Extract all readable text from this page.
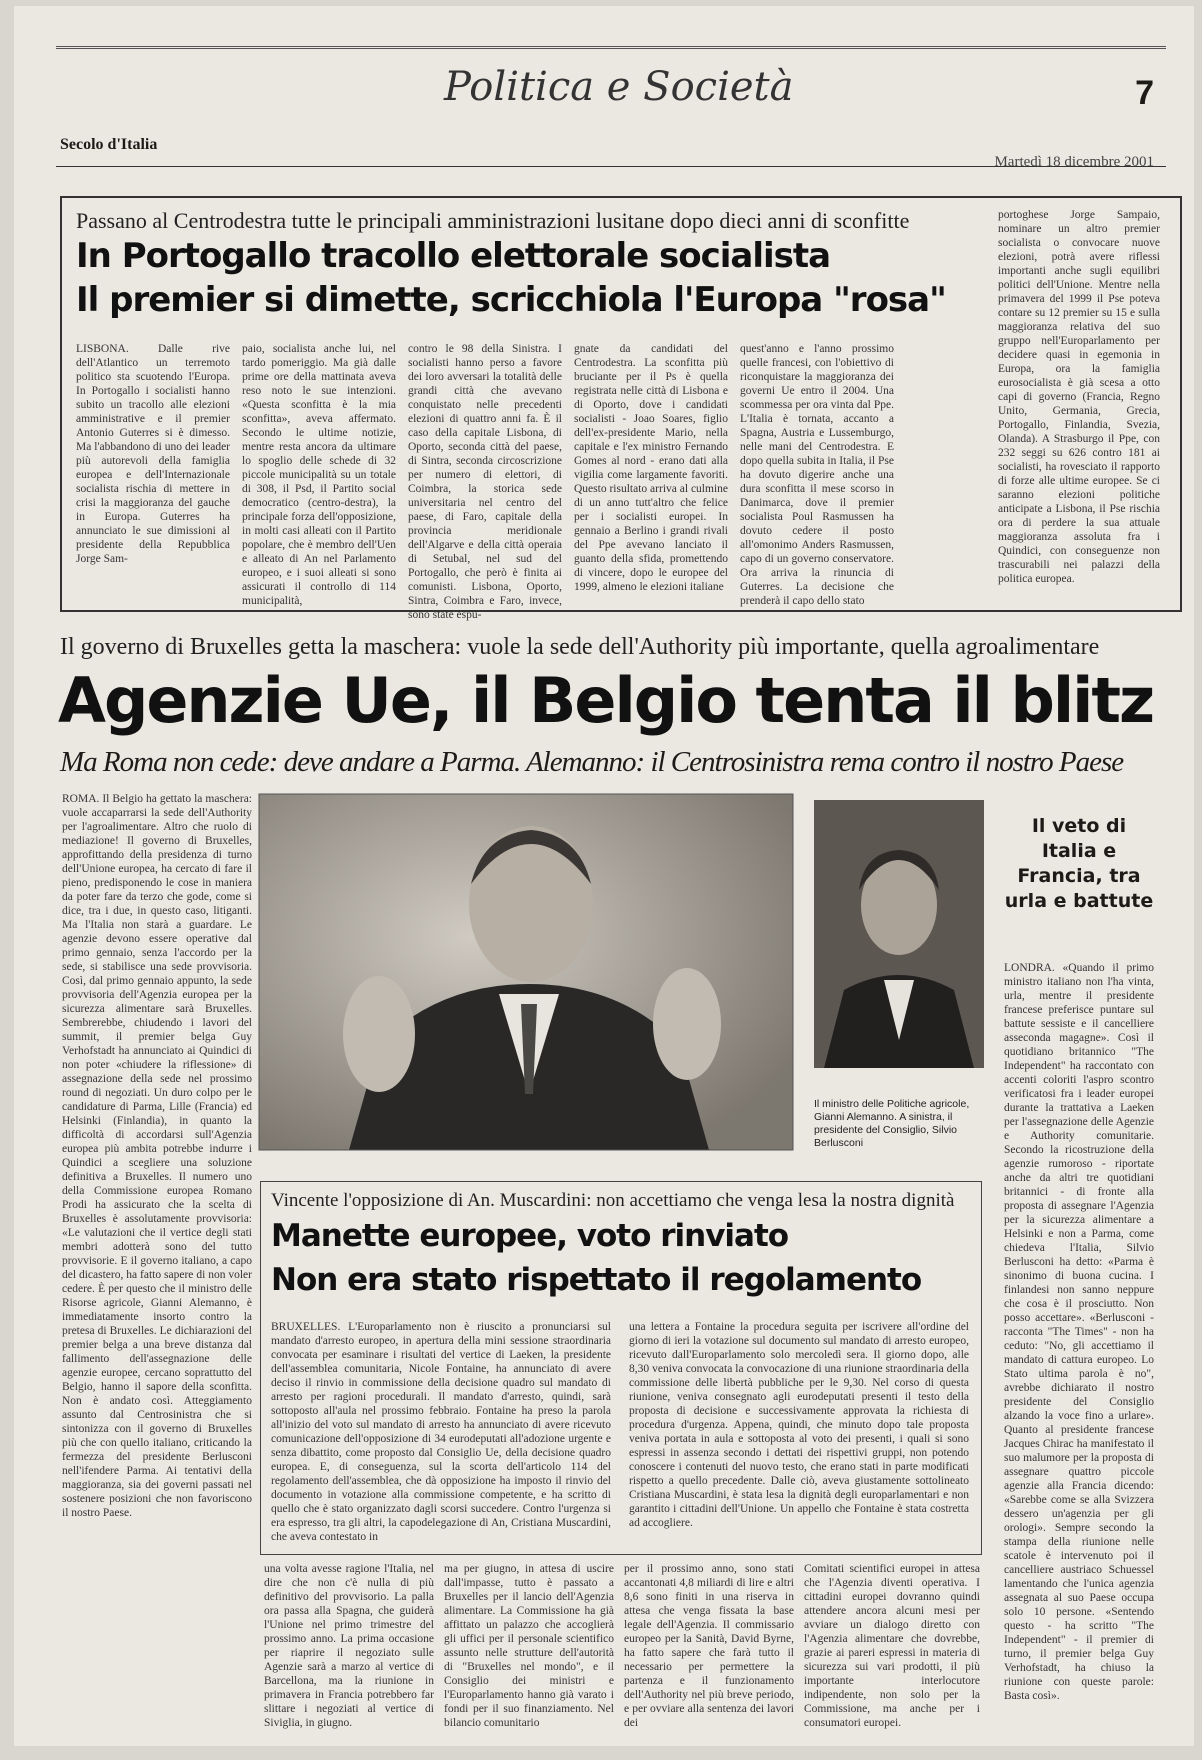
Politica e Società	7
Secolo d'Italia
Martedì 18 dicembre 2001
Passano al Centrodestra tutte le principali amministrazioni lusitane dopo dieci anni di sconfitte
In Portogallo tracollo elettorale socialista
Il premier si dimette, scricchiola l'Europa "rosa"
LISBONA. Dalle rive dell'Atlantico un terremoto politico sta scuotendo l'Europa. In Portogallo i socialisti hanno subito un tracollo alle elezioni amministrative e il premier Antonio Guterres si è dimesso. Ma l'abbandono di uno dei leader più autorevoli della famiglia europea e dell'Internazionale socialista rischia di mettere in crisi la maggioranza del gauche in Europa. Guterres ha annunciato le sue dimissioni al presidente della Repubblica Jorge Sam-
paio, socialista anche lui, nel tardo pomeriggio. Ma già dalle prime ore della mattinata aveva reso noto le sue intenzioni. «Questa sconfitta è la mia sconfitta», aveva affermato. Secondo le ultime notizie, mentre resta ancora da ultimare lo spoglio delle schede di 32 piccole municipalità su un totale di 308, il Psd, il Partito social democratico (centro-destra), la principale forza dell'opposizione, in molti casi alleati con il Partito popolare, che è membro dell'Uen e alleato di An nel Parlamento europeo, e i suoi alleati si sono assicurati il controllo di 114 municipalità,
contro le 98 della Sinistra. I socialisti hanno perso a favore dei loro avversari la totalità delle grandi città che avevano conquistato nelle precedenti elezioni di quattro anni fa. È il caso della capitale Lisbona, di Oporto, seconda città del paese, di Sintra, seconda circoscrizione per numero di elettori, di Coimbra, la storica sede universitaria nel centro del paese, di Faro, capitale della provincia meridionale dell'Algarve e della città operaia di Setubal, nel sud del Portogallo, che però è finita ai comunisti. Lisbona, Oporto, Sintra, Coimbra e Faro, invece, sono state espu-
gnate da candidati del Centrodestra. La sconfitta più bruciante per il Ps è quella registrata nelle città di Lisbona e di Oporto, dove i candidati socialisti - Joao Soares, figlio dell'ex-presidente Mario, nella capitale e l'ex ministro Fernando Gomes al nord - erano dati alla vigilia come largamente favoriti. Questo risultato arriva al culmine di un anno tutt'altro che felice per i socialisti europei. In gennaio a Berlino i grandi rivali del Ppe avevano lanciato il guanto della sfida, promettendo di vincere, dopo le europee del 1999, almeno le elezioni italiane
quest'anno e l'anno prossimo quelle francesi, con l'obiettivo di riconquistare la maggioranza dei governi Ue entro il 2004. Una scommessa per ora vinta dal Ppe. L'Italia è tornata, accanto a Spagna, Austria e Lussemburgo, nelle mani del Centrodestra. E dopo quella subita in Italia, il Pse ha dovuto digerire anche una dura sconfitta il mese scorso in Danimarca, dove il premier socialista Poul Rasmussen ha dovuto cedere il posto all'omonimo Anders Rasmussen, capo di un governo conservatore. Ora arriva la rinuncia di Guterres. La decisione che prenderà il capo dello stato
portoghese Jorge Sampaio, nominare un altro premier socialista o convocare nuove elezioni, potrà avere riflessi importanti anche sugli equilibri politici dell'Unione. Mentre nella primavera del 1999 il Pse poteva contare su 12 premier su 15 e sulla maggioranza relativa del suo gruppo nell'Europarlamento per decidere quasi in egemonia in Europa, ora la famiglia eurosocialista è già scesa a otto capi di governo (Francia, Regno Unito, Germania, Grecia, Portogallo, Finlandia, Svezia, Olanda). A Strasburgo il Ppe, con 232 seggi su 626 contro 181 ai socialisti, ha rovesciato il rapporto di forze alle ultime europee. Se ci saranno elezioni politiche anticipate a Lisbona, il Pse rischia ora di perdere la sua attuale maggioranza assoluta fra i Quindici, con conseguenze non trascurabili nei palazzi della politica europea.
Il governo di Bruxelles getta la maschera: vuole la sede dell'Authority più importante, quella agroalimentare
Agenzie Ue, il Belgio tenta il blitz
Ma Roma non cede: deve andare a Parma. Alemanno: il Centrosinistra rema contro il nostro Paese
ROMA. Il Belgio ha gettato la maschera: vuole accaparrarsi la sede dell'Authority per l'agroalimentare. Altro che ruolo di mediazione! Il governo di Bruxelles, approfittando della presidenza di turno dell'Unione europea, ha cercato di fare il pieno, predisponendo le cose in maniera da poter fare da terzo che gode, come si dice, tra i due, in questo caso, litiganti. Ma l'Italia non starà a guardare. Le agenzie devono essere operative dal primo gennaio, senza l'accordo per la sede, si stabilisce una sede provvisoria. Così, dal primo gennaio appunto, la sede provvisoria dell'Agenzia europea per la sicurezza alimentare sarà Bruxelles. Sembrerebbe, chiudendo i lavori del summit, il premier belga Guy Verhofstadt ha annunciato ai Quindici di non poter «chiudere la riflessione» di assegnazione della sede nel prossimo round di negoziati. Un duro colpo per le candidature di Parma, Lille (Francia) ed Helsinki (Finlandia), in quanto la difficoltà di accordarsi sull'Agenzia europea più ambita potrebbe indurre i Quindici a scegliere una soluzione definitiva a Bruxelles. Il numero uno della Commissione europea Romano Prodi ha assicurato che la scelta di Bruxelles è assolutamente provvisoria: «Le valutazioni che il vertice degli stati membri adotterà sono del tutto provvisorie. E il governo italiano, a capo del dicastero, ha fatto sapere di non voler cedere. È per questo che il ministro delle Risorse agricole, Gianni Alemanno, è immediatamente insorto contro la pretesa di Bruxelles. Le dichiarazioni del premier belga a una breve distanza dal fallimento dell'assegnazione delle agenzie europee, cercano soprattutto del Belgio, hanno il sapore della sconfitta. Non è andato così. Atteggiamento assunto dal Centrosinistra che si sintonizza con il governo di Bruxelles più che con quello italiano, criticando la fermezza del presidente Berlusconi nell'ifendere Parma. Ai tentativi della maggioranza, sia dei governi passati nel sostenere posizioni che non favoriscono il nostro Paese.
Il ministro delle Politiche agricole, Gianni Alemanno. A sinistra, il presidente del Consiglio, Silvio Berlusconi
Il veto di Italia e Francia, tra urla e battute
LONDRA. «Quando il primo ministro italiano non l'ha vinta, urla, mentre il presidente francese preferisce puntare sul battute sessiste e il cancelliere asseconda magagne». Così il quotidiano britannico "The Independent" ha raccontato con accenti coloriti l'aspro scontro verificatosi fra i leader europei durante la trattativa a Laeken per l'assegnazione delle Agenzie e Authority comunitarie. Secondo la ricostruzione della agenzie rumoroso - riportate anche da altri tre quotidiani britannici - di fronte alla proposta di assegnare l'Agenzia per la sicurezza alimentare a Helsinki e non a Parma, come chiedeva l'Italia, Silvio Berlusconi ha detto: «Parma è sinonimo di buona cucina. I finlandesi non sanno neppure che cosa è il prosciutto. Non posso accettare». «Berlusconi - racconta "The Times" - non ha ceduto: "No, gli accettiamo il mandato di cattura europeo. Lo Stato ultima parola è no", avrebbe dichiarato il nostro presidente del Consiglio alzando la voce fino a urlare». Quanto al presidente francese Jacques Chirac ha manifestato il suo malumore per la proposta di assegnare quattro piccole agenzie alla Francia dicendo: «Sarebbe come se alla Svizzera dessero un'agenzia per gli orologi». Sempre secondo la stampa della riunione nelle scatole è intervenuto poi il cancelliere austriaco Schuessel lamentando che l'unica agenzia assegnata al suo Paese occupa solo 10 persone. «Sentendo questo - ha scritto "The Independent" - il premier di turno, il premier belga Guy Verhofstadt, ha chiuso la riunione con queste parole: Basta così».
Vincente l'opposizione di An. Muscardini: non accettiamo che venga lesa la nostra dignità
Manette europee, voto rinviato
Non era stato rispettato il regolamento
BRUXELLES. L'Europarlamento non è riuscito a pronunciarsi sul mandato d'arresto europeo, in apertura della mini sessione straordinaria convocata per esaminare i risultati del vertice di Laeken, la presidente dell'assemblea comunitaria, Nicole Fontaine, ha annunciato di avere deciso il rinvio in commissione della decisione quadro sul mandato di arresto per ragioni procedurali. Il mandato d'arresto, quindi, sarà sottoposto all'aula nel prossimo febbraio. Fontaine ha preso la parola all'inizio del voto sul mandato di arresto ha annunciato di avere ricevuto comunicazione dell'opposizione di 34 eurodeputati all'adozione urgente e senza dibattito, come proposto dal Consiglio Ue, della decisione quadro europea. E, di conseguenza, sul la scorta dell'articolo 114 del regolamento dell'assemblea, che dà opposizione ha imposto il rinvio del documento in votazione alla commissione competente, e ha scritto di quello che è stato organizzato dagli scorsi succedere. Contro l'urgenza si era espresso, tra gli altri, la capodelegazione di An, Cristiana Muscardini, che aveva contestato in
una lettera a Fontaine la procedura seguita per iscrivere all'ordine del giorno di ieri la votazione sul documento sul mandato di arresto europeo, ricevuto dall'Europarlamento solo mercoledì sera. Il giorno dopo, alle 8,30 veniva convocata la convocazione di una riunione straordinaria della commissione delle libertà pubbliche per le 9,30. Nel corso di questa riunione, veniva consegnato agli eurodeputati presenti il testo della proposta di decisione e successivamente approvata la richiesta di procedura d'urgenza. Appena, quindi, che minuto dopo tale proposta veniva portata in aula e sottoposta al voto dei presenti, i quali si sono espressi in assenza secondo i dettati dei rispettivi gruppi, non potendo conoscere i contenuti del nuovo testo, che erano stati in parte modificati rispetto a quello precedente. Dalle ciò, aveva giustamente sottolineato Cristiana Muscardini, è stata lesa la dignità degli europarlamentari e non garantito i cittadini dell'Unione. Un appello che Fontaine è stata costretta ad accogliere.
una volta avesse ragione l'Italia, nel dire che non c'è nulla di più definitivo del provvisorio. La palla ora passa alla Spagna, che guiderà l'Unione nel primo trimestre del prossimo anno. La prima occasione per riaprire il negoziato sulle Agenzie sarà a marzo al vertice di Barcellona, ma la riunione in primavera in Francia potrebbero far slittare i negoziati al vertice di Siviglia, in giugno.
ma per giugno, in attesa di uscire dall'impasse, tutto è passato a Bruxelles per il lancio dell'Agenzia alimentare. La Commissione ha già affittato un palazzo che accoglierà gli uffici per il personale scientifico assunto nelle strutture dell'autorità di "Bruxelles nel mondo", e il Consiglio dei ministri e l'Europarlamento hanno già varato i fondi per il suo finanziamento. Nel bilancio comunitario
per il prossimo anno, sono stati accantonati 4,8 miliardi di lire e altri 8,6 sono finiti in una riserva in attesa che venga fissata la base legale dell'Agenzia. Il commissario europeo per la Sanità, David Byrne, ha fatto sapere che farà tutto il necessario per permettere la partenza e il funzionamento dell'Authority nel più breve periodo, e per ovviare alla sentenza dei lavori dei
Comitati scientifici europei in attesa che l'Agenzia diventi operativa. I cittadini europei dovranno quindi attendere ancora alcuni mesi per avviare un dialogo diretto con l'Agenzia alimentare che dovrebbe, grazie ai pareri espressi in materia di sicurezza sui vari prodotti, il più importante interlocutore indipendente, non solo per la Commissione, ma anche per i consumatori europei.
